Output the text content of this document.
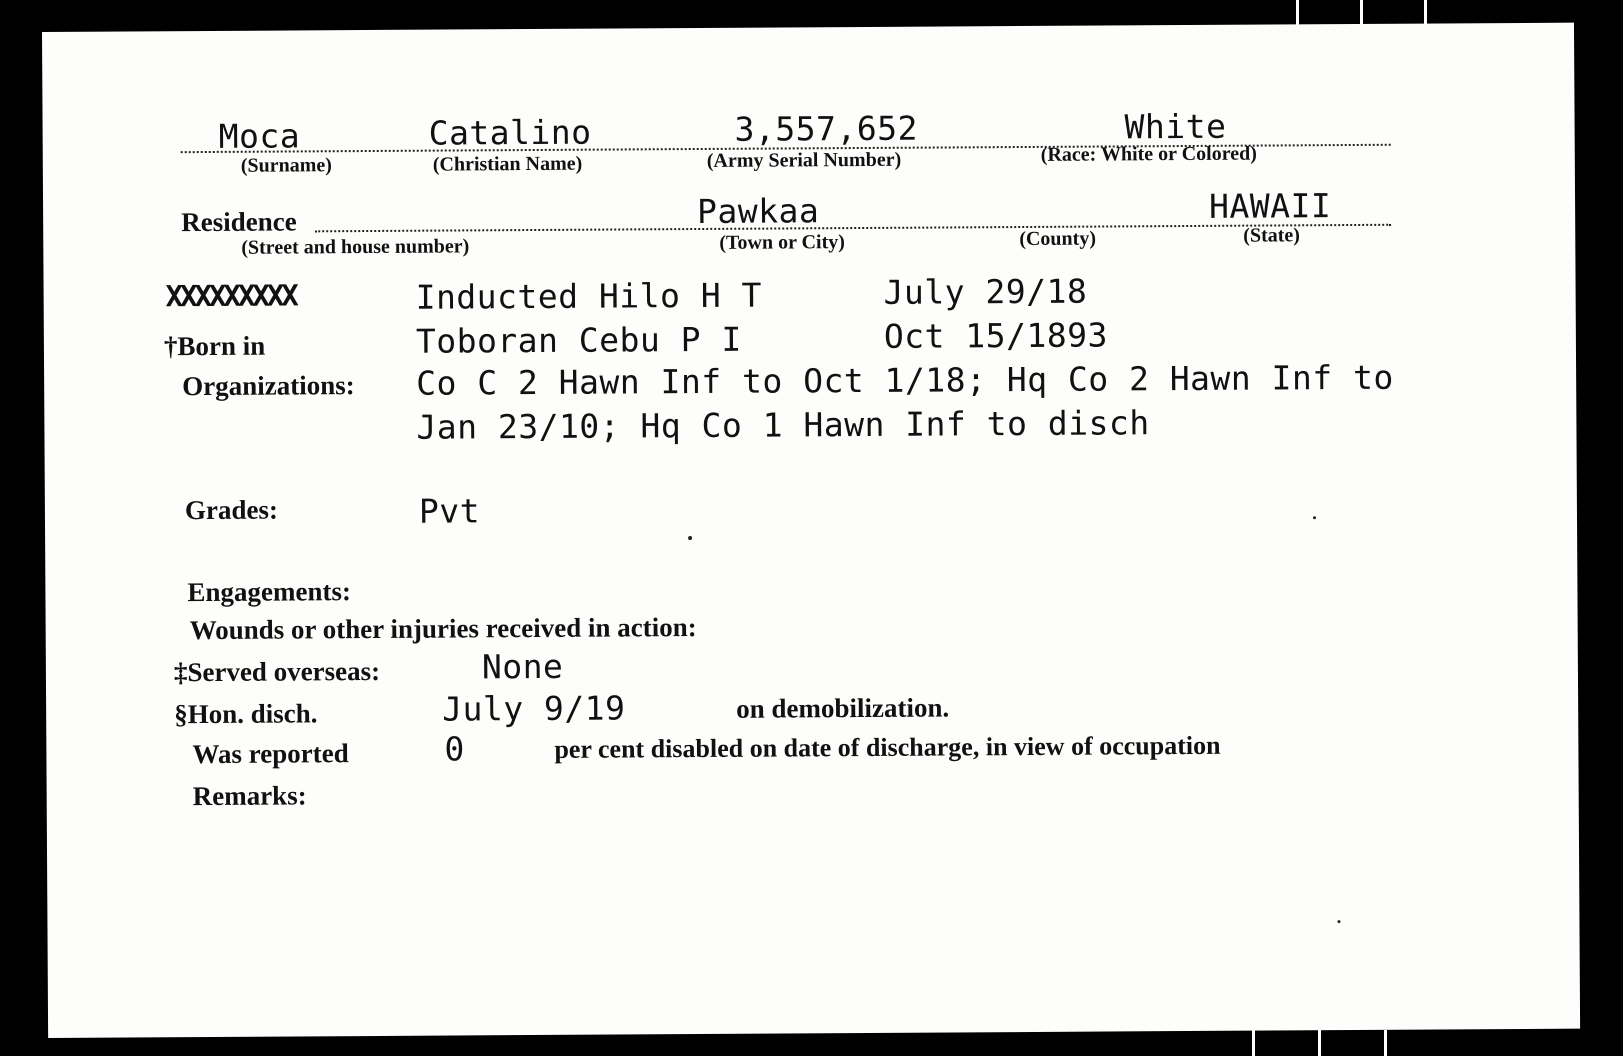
Moca
(Surname)
Catalino
(Christian Name)
3,557,652
(Army Serial Number)
White
(Race: White or Colored)
Residence
(Street and house number)
Pawkaa
(Town or City)	(County)
HAWAII
(State)
XXXXXXXXX	Inducted Hilo H T	July 29/18
†Born in	Toboran Cebu P I	Oct 15/1893
Organizations: Co C 2 Hawn Inf to Oct 1/18; Hq Co 2 Hawn Inf to
Jan 23/10; Hq Co 1 Hawn Inf to disch
Grades:	Pvt
Engagements:
Wounds or other injuries received in action:
‡Served overseas:	None
§Hon. disch.	July 9/19	on demobilization.
Was reported	0	per cent disabled on date of discharge, in view of occupation
Remarks:
